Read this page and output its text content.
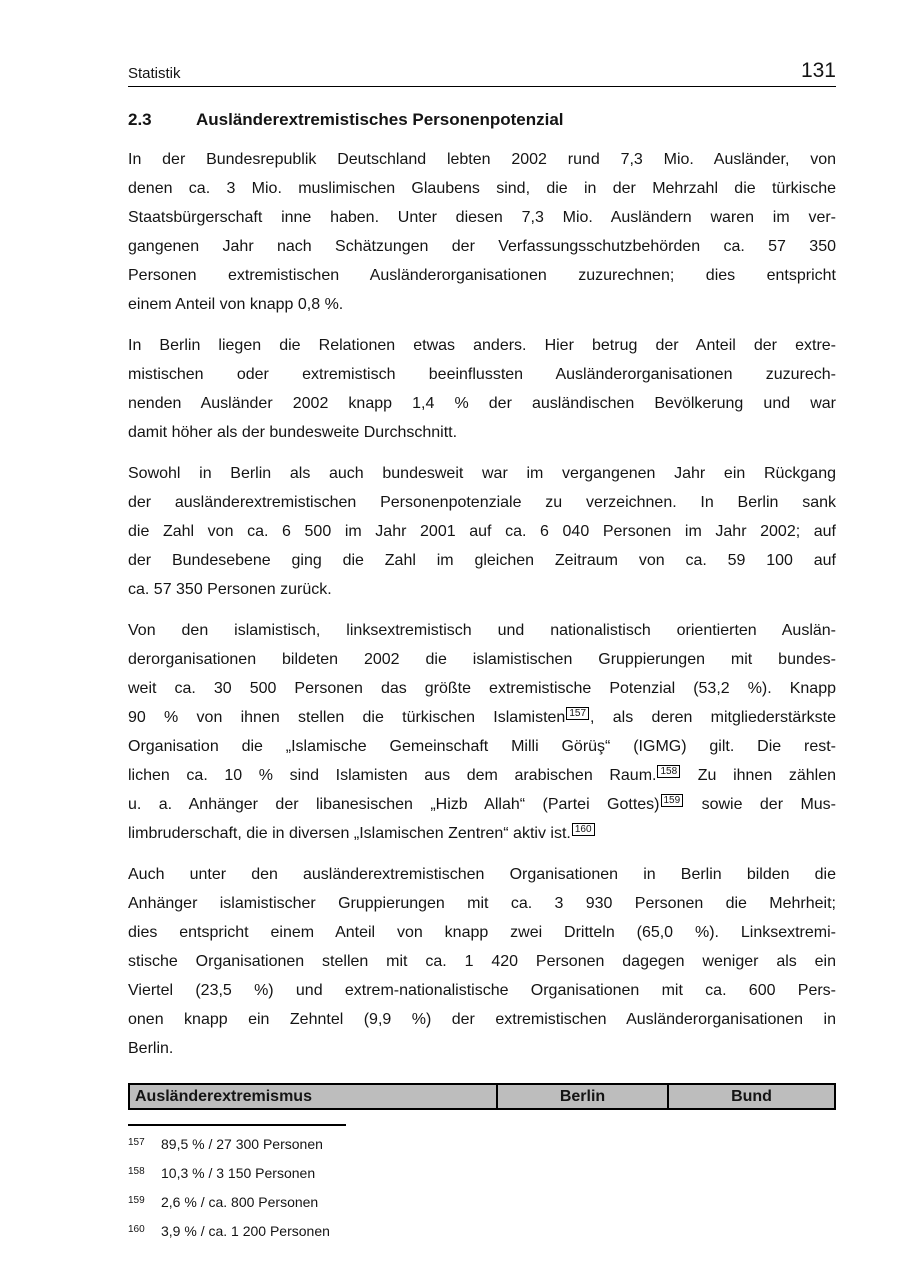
Statistik	131
2.3	Ausländerextremistisches Personenpotenzial
In der Bundesrepublik Deutschland lebten 2002 rund 7,3 Mio. Ausländer, von
denen ca. 3 Mio. muslimischen Glaubens sind, die in der Mehrzahl die türkische
Staatsbürgerschaft inne haben. Unter diesen 7,3 Mio. Ausländern waren im ver-
gangenen Jahr nach Schätzungen der Verfassungsschutzbehörden ca. 57 350
Personen extremistischen Ausländerorganisationen zuzurechnen; dies entspricht
einem Anteil von knapp 0,8 %.
In Berlin liegen die Relationen etwas anders. Hier betrug der Anteil der extre-
mistischen oder extremistisch beeinflussten Ausländerorganisationen zuzurech-
nenden Ausländer 2002 knapp 1,4 % der ausländischen Bevölkerung und war
damit höher als der bundesweite Durchschnitt.
Sowohl in Berlin als auch bundesweit war im vergangenen Jahr ein Rückgang
der ausländerextremistischen Personenpotenziale zu verzeichnen. In Berlin sank
die Zahl von ca. 6 500 im Jahr 2001 auf ca. 6 040 Personen im Jahr 2002; auf
der Bundesebene ging die Zahl im gleichen Zeitraum von ca. 59 100 auf
ca. 57 350 Personen zurück.
Von den islamistisch, linksextremistisch und nationalistisch orientierten Auslän-
derorganisationen bildeten 2002 die islamistischen Gruppierungen mit bundes-
weit ca. 30 500 Personen das größte extremistische Potenzial (53,2 %). Knapp
90 % von ihnen stellen die türkischen Islamisten $^{157}$ , als deren mitgliederstärkste
Organisation die „Islamische Gemeinschaft Milli Görüş“ (IGMG) gilt. Die rest-
lichen ca. 10 % sind Islamisten aus dem arabischen Raum. $^{158}$ Zu ihnen zählen
u. a. Anhänger der libanesischen „Hizb Allah“ (Partei Gottes) $^{159}$ sowie der Mus-
limbruderschaft, die in diversen „Islamischen Zentren“ aktiv ist. $^{160}$
Auch unter den ausländerextremistischen Organisationen in Berlin bilden die
Anhänger islamistischer Gruppierungen mit ca. 3 930 Personen die Mehrheit;
dies entspricht einem Anteil von knapp zwei Dritteln (65,0 %). Linksextremi-
stische Organisationen stellen mit ca. 1 420 Personen dagegen weniger als ein
Viertel (23,5 %) und extrem-nationalistische Organisationen mit ca. 600 Pers-
onen knapp ein Zehntel (9,9 %) der extremistischen Ausländerorganisationen in
Berlin.
Ausländerextremismus	Berlin	Bund
157 89,5 % / 27 300 Personen
158 10,3 % / 3 150 Personen
159 2,6 % / ca. 800 Personen
160 3,9 % / ca. 1 200 Personen
